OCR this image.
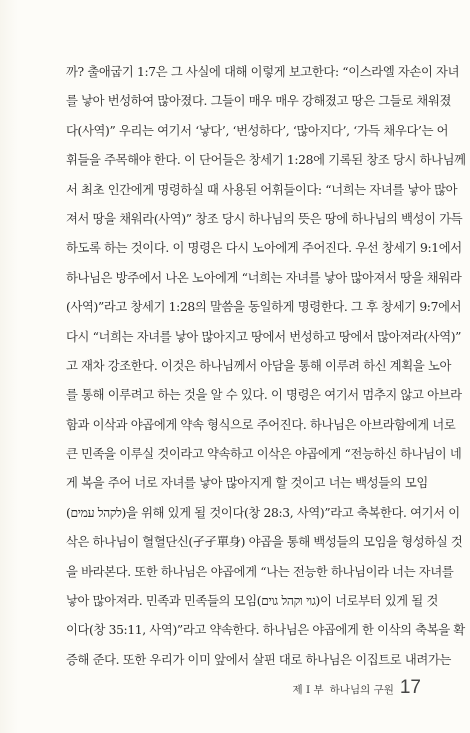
까? 출애굽기 1:7은 그 사실에 대해 이렇게 보고한다: “이스라엘 자손이 자녀
를 낳아 번성하여 많아졌다. 그들이 매우 매우 강해졌고 땅은 그들로 채워졌
다(사역)” 우리는 여기서 ‘낳다’, ‘번성하다’, ‘많아지다’, ‘가득 채우다’는 어
휘들을 주목해야 한다. 이 단어들은 창세기 1:28에 기록된 창조 당시 하나님께
서 최초 인간에게 명령하실 때 사용된 어휘들이다: “너희는 자녀를 낳아 많아
져서 땅을 채워라(사역)” 창조 당시 하나님의 뜻은 땅에 하나님의 백성이 가득
하도록 하는 것이다. 이 명령은 다시 노아에게 주어진다. 우선 창세기 9:1에서
하나님은 방주에서 나온 노아에게 “너희는 자녀를 낳아 많아져서 땅을 채워라
(사역)”라고 창세기 1:28의 말씀을 동일하게 명령한다. 그 후 창세기 9:7에서
다시 “너희는 자녀를 낳아 많아지고 땅에서 번성하고 땅에서 많아져라(사역)”
고 재차 강조한다. 이것은 하나님께서 아담을 통해 이루려 하신 계획을 노아
를 통해 이루려고 하는 것을 알 수 있다. 이 명령은 여기서 멈추지 않고 아브라
함과 이삭과 야곱에게 약속 형식으로 주어진다. 하나님은 아브라함에게 너로
큰 민족을 이루실 것이라고 약속하고 이삭은 야곱에게 “전능하신 하나님이 네
게 복을 주어 너로 자녀를 낳아 많아지게 할 것이고 너는 백성들의 모임
(לקהל עמים)을 위해 있게 될 것이다(창 28:3, 사역)”라고 축복한다. 여기서 이
삭은 하나님이 혈혈단신(孑孑單身) 야곱을 통해 백성들의 모임을 형성하실 것
을 바라본다. 또한 하나님은 야곱에게 “나는 전능한 하나님이라 너는 자녀를
낳아 많아져라. 민족과 민족들의 모임(גוי וקהל גוים)이 너로부터 있게 될 것
이다(창 35:11, 사역)”라고 약속한다. 하나님은 야곱에게 한 이삭의 축복을 확
증해 준다. 또한 우리가 이미 앞에서 살핀 대로 하나님은 이집트로 내려가는
제 I 부 하나님의 구원 17
